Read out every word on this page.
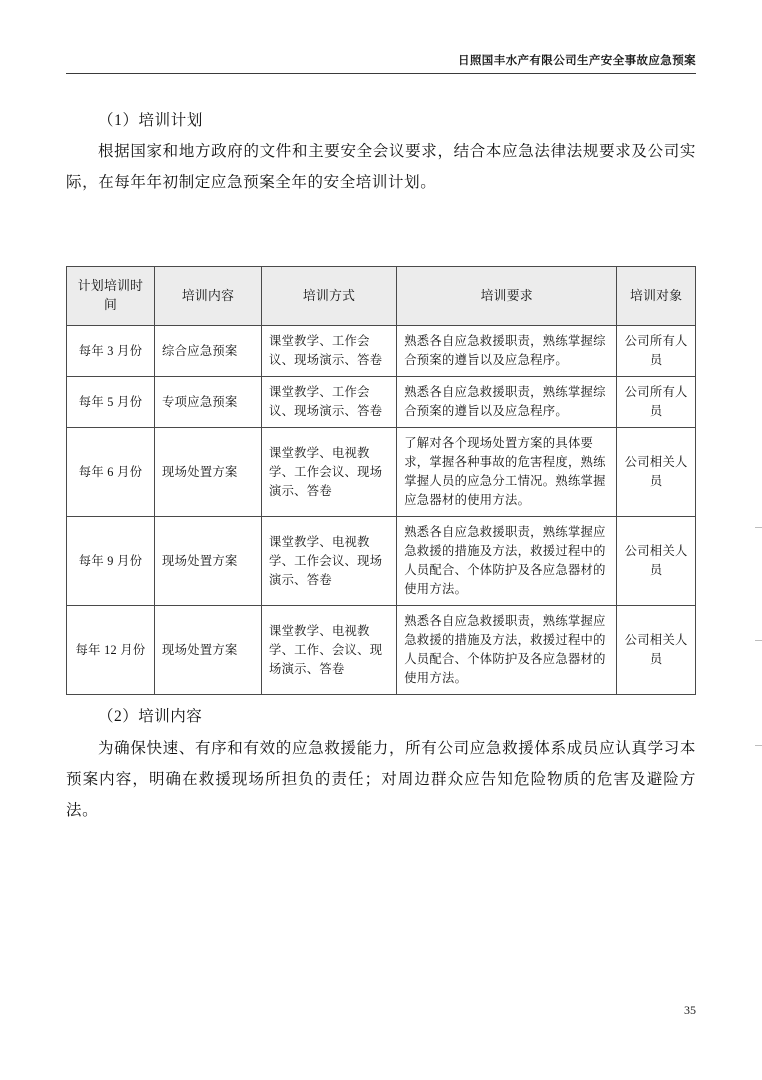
日照国丰水产有限公司生产安全事故应急预案
（1）培训计划
根据国家和地方政府的文件和主要安全会议要求，结合本应急法律法规要求及公司实际，在每年年初制定应急预案全年的安全培训计划。
计划培训时间	培训内容	培训方式	培训要求	培训对象
每年 3 月份	综合应急预案	课堂教学、工作会议、现场演示、答卷	熟悉各自应急救援职责，熟练掌握综合预案的遵旨以及应急程序。	公司所有人员
每年 5 月份	专项应急预案	课堂教学、工作会议、现场演示、答卷	熟悉各自应急救援职责，熟练掌握综合预案的遵旨以及应急程序。	公司所有人员
每年 6 月份	现场处置方案	课堂教学、电视教学、工作会议、现场演示、答卷	了解对各个现场处置方案的具体要求，掌握各种事故的危害程度，熟练掌握人员的应急分工情况。熟练掌握应急器材的使用方法。	公司相关人员
每年 9 月份	现场处置方案	课堂教学、电视教学、工作会议、现场演示、答卷	熟悉各自应急救援职责，熟练掌握应急救援的措施及方法，救援过程中的人员配合、个体防护及各应急器材的使用方法。	公司相关人员
每年 12 月份	现场处置方案	课堂教学、电视教学、工作、会议、现场演示、答卷	熟悉各自应急救援职责，熟练掌握应急救援的措施及方法，救援过程中的人员配合、个体防护及各应急器材的使用方法。	公司相关人员
（2）培训内容
为确保快速、有序和有效的应急救援能力，所有公司应急救援体系成员应认真学习本预案内容，明确在救援现场所担负的责任；对周边群众应告知危险物质的危害及避险方法。
35
